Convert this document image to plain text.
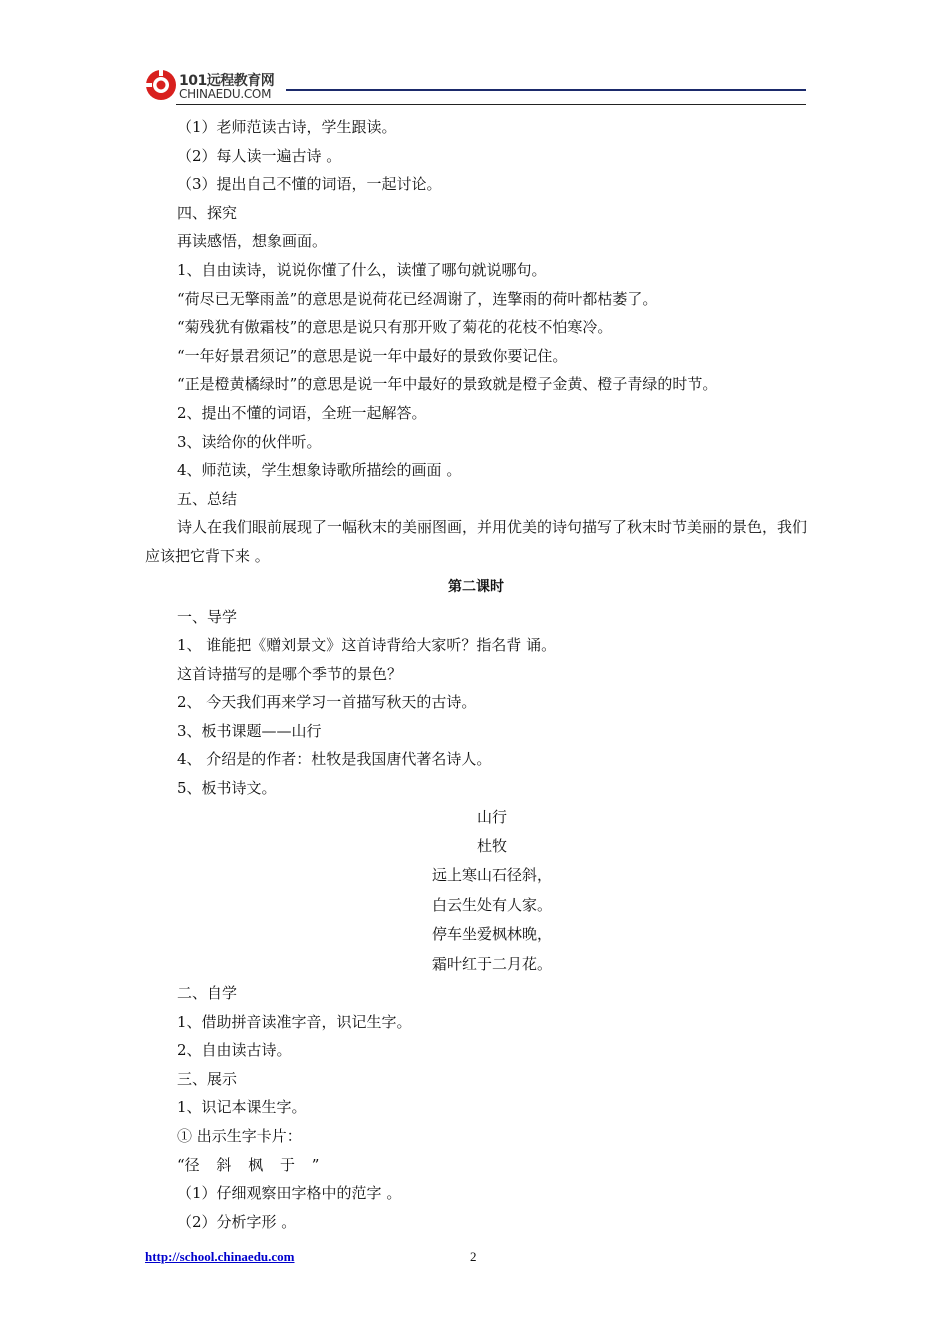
101远程教育网
CHINAEDU.COM
（1）老师范读古诗，学生跟读。
（2）每人读一遍古诗 。
（3）提出自己不懂的词语，一起讨论。
四、探究
再读感悟，想象画面。
1、自由读诗，说说你懂了什么，读懂了哪句就说哪句。
“荷尽已无擎雨盖”的意思是说荷花已经凋谢了，连擎雨的荷叶都枯萎了。
“菊残犹有傲霜枝”的意思是说只有那开败了菊花的花枝不怕寒冷。
“一年好景君须记”的意思是说一年中最好的景致你要记住。
“正是橙黄橘绿时”的意思是说一年中最好的景致就是橙子金黄、橙子青绿的时节。
2、提出不懂的词语，全班一起解答。
3、读给你的伙伴听。
4、师范读，学生想象诗歌所描绘的画面 。
五、总结
诗人在我们眼前展现了一幅秋末的美丽图画，并用优美的诗句描写了秋末时节美丽的景色，我们应该把它背下来 。
第二课时
一、导学
1、 谁能把《赠刘景文》这首诗背给大家听？指名背 诵。
这首诗描写的是哪个季节的景色？
2、 今天我们再来学习一首描写秋天的古诗。
3、板书课题——山行
4、 介绍是的作者：杜牧是我国唐代著名诗人。
5、板书诗文。
山行
杜牧
远上寒山石径斜，
白云生处有人家。
停车坐爱枫林晚，
霜叶红于二月花。
二、自学
1、借助拼音读准字音，识记生字。
2、自由读古诗。
三、展示
1、识记本课生字。
① 出示生字卡片：
“径 斜 枫 于 ”
（1）仔细观察田字格中的范字 。
（2）分析字形 。
http://school.chinaedu.com	2
